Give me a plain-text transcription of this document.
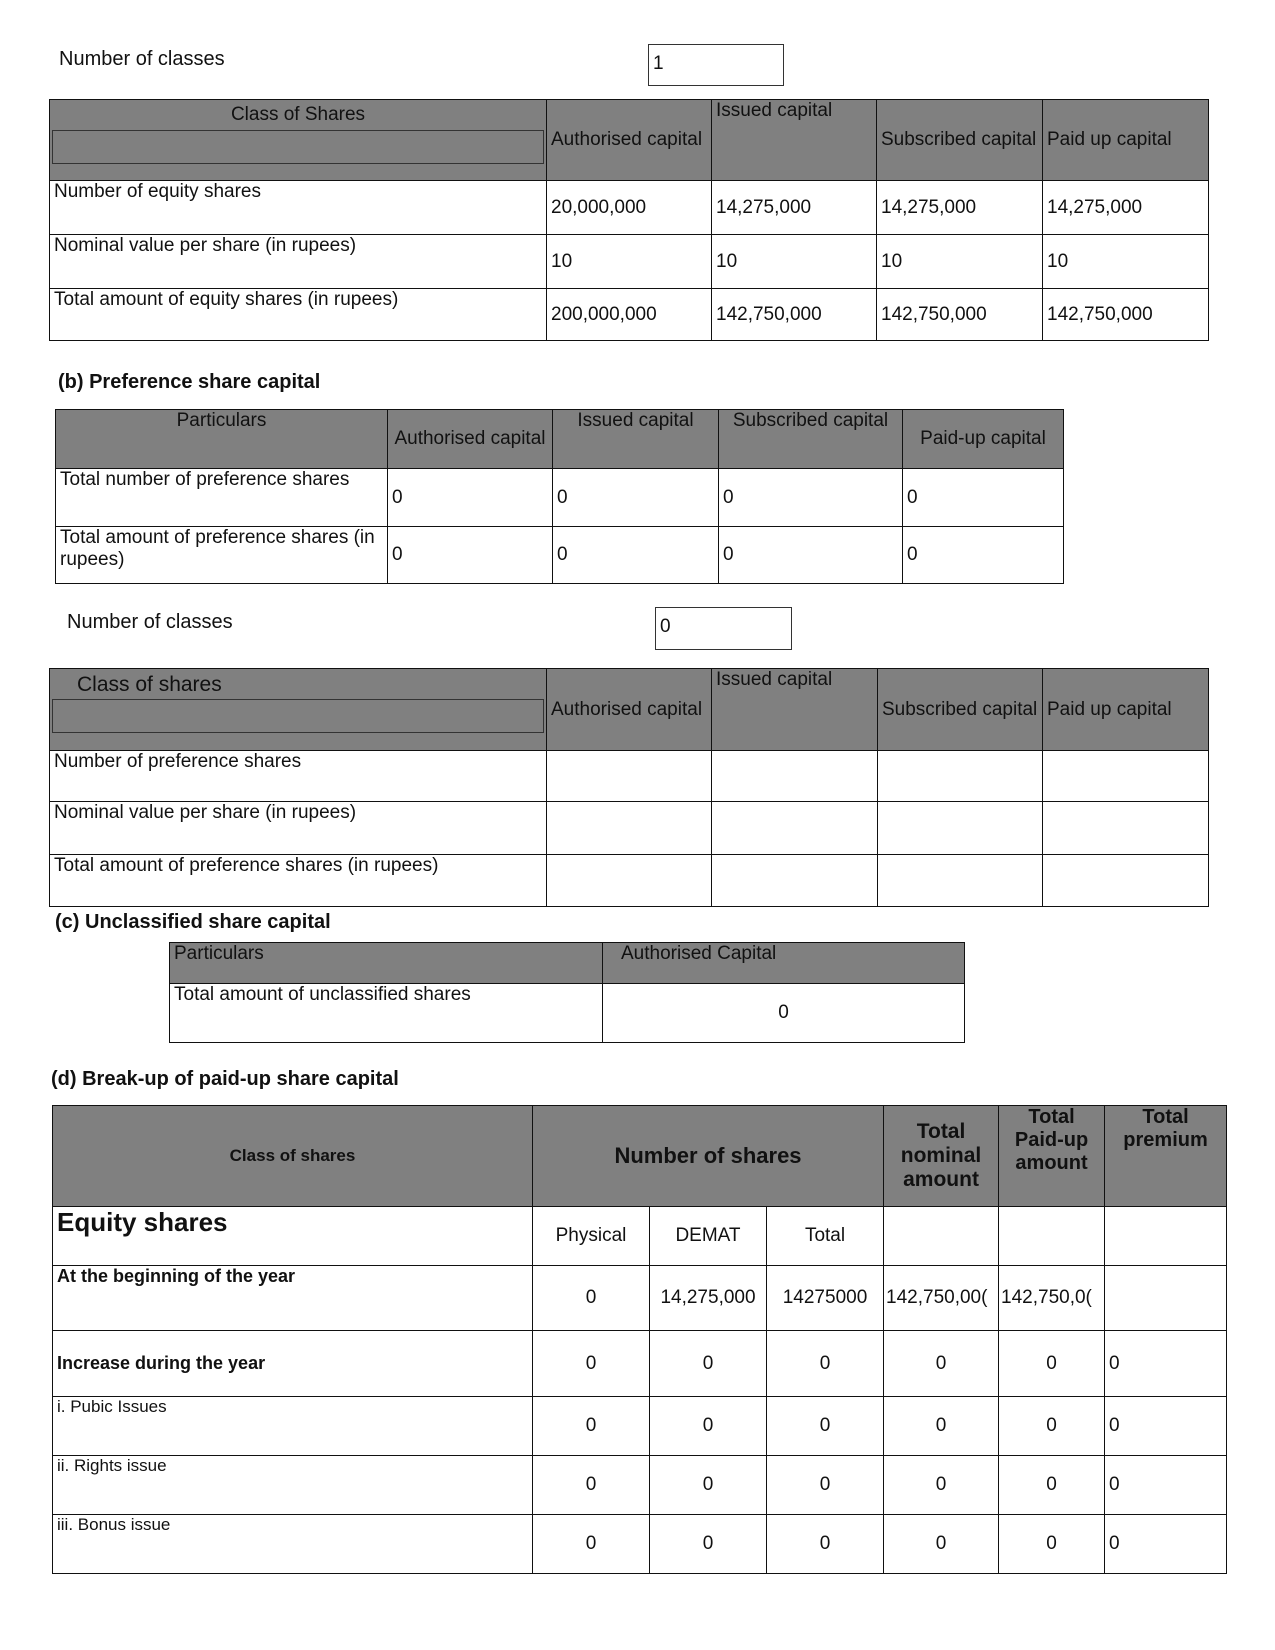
Number of classes	1
Class of Shares	Authorised capital	Issued capital	Subscribed capital	Paid up capital
Number of equity shares	20,000,000	14,275,000	14,275,000	14,275,000
Nominal value per share (in rupees)	10	10	10	10
Total amount of equity shares (in rupees)	200,000,000	142,750,000	142,750,000	142,750,000
(b) Preference share capital
Particulars	Authorised capital	Issued capital	Subscribed capital	Paid-up capital
Total number of preference shares	0	0	0	0
Total amount of preference shares (in rupees)	0	0	0	0
Number of classes	0
Class of shares	Authorised capital	Issued capital	Subscribed capital	Paid up capital
Number of preference shares				
Nominal value per share (in rupees)				
Total amount of preference shares (in rupees)				
(c) Unclassified share capital
Particulars	Authorised Capital
Total amount of unclassified shares	0
(d) Break-up of paid-up share capital
Class of shares	Number of shares			Total nominal amount	Total Paid-up amount	Total premium
Equity shares	Physical	DEMAT	Total			
At the beginning of the year	0	14,275,000	14275000	142,750,00(	142,750,0(	
Increase during the year	0	0	0	0	0	0
i. Pubic Issues	0	0	0	0	0	0
ii. Rights issue	0	0	0	0	0	0
iii. Bonus issue	0	0	0	0	0	0
